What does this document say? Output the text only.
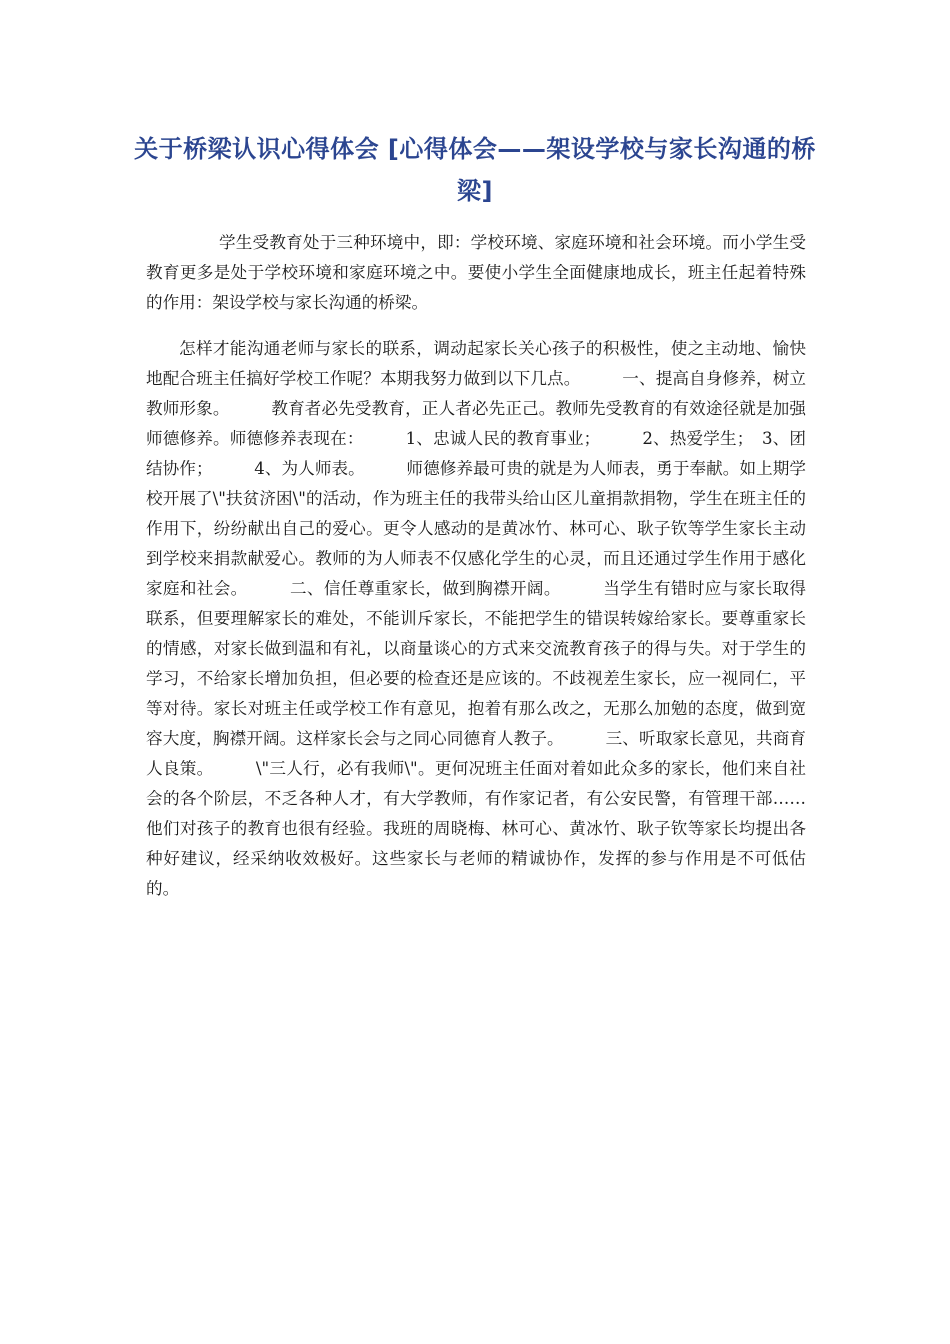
关于桥梁认识心得体会 [心得体会——架设学校与家长沟通的桥梁]

学生受教育处于三种环境中，即：学校环境、家庭环境和社会环境。而小学生受教育更多是处于学校环境和家庭环境之中。要使小学生全面健康地成长，班主任起着特殊的作用：架设学校与家长沟通的桥梁。

怎样才能沟通老师与家长的联系，调动起家长关心孩子的积极性，使之主动地、愉快地配合班主任搞好学校工作呢？本期我努力做到以下几点。　　　一、提高自身修养，树立教师形象。　　　教育者必先受教育，正人者必先正己。教师先受教育的有效途径就是加强师德修养。师德修养表现在：　　　1、忠诚人民的教育事业；　　　2、热爱学生；　3、团结协作；　　　4、为人师表。　　　师德修养最可贵的就是为人师表，勇于奉献。如上期学校开展了\"扶贫济困\"的活动，作为班主任的我带头给山区儿童捐款捐物，学生在班主任的作用下，纷纷献出自己的爱心。更令人感动的是黄冰竹、林可心、耿子钦等学生家长主动到学校来捐款献爱心。教师的为人师表不仅感化学生的心灵，而且还通过学生作用于感化家庭和社会。　　　二、信任尊重家长，做到胸襟开阔。　　　当学生有错时应与家长取得联系，但要理解家长的难处，不能训斥家长，不能把学生的错误转嫁给家长。要尊重家长的情感，对家长做到温和有礼，以商量谈心的方式来交流教育孩子的得与失。对于学生的学习，不给家长增加负担，但必要的检查还是应该的。不歧视差生家长，应一视同仁，平等对待。家长对班主任或学校工作有意见，抱着有那么改之，无那么加勉的态度，做到宽容大度，胸襟开阔。这样家长会与之同心同德育人教子。　　　三、听取家长意见，共商育人良策。　　　\"三人行，必有我师\"。更何况班主任面对着如此众多的家长，他们来自社会的各个阶层，不乏各种人才，有大学教师，有作家记者，有公安民警，有管理干部……他们对孩子的教育也很有经验。我班的周晓梅、林可心、黄冰竹、耿子钦等家长均提出各种好建议，经采纳收效极好。这些家长与老师的精诚协作，发挥的参与作用是不可低估的。
